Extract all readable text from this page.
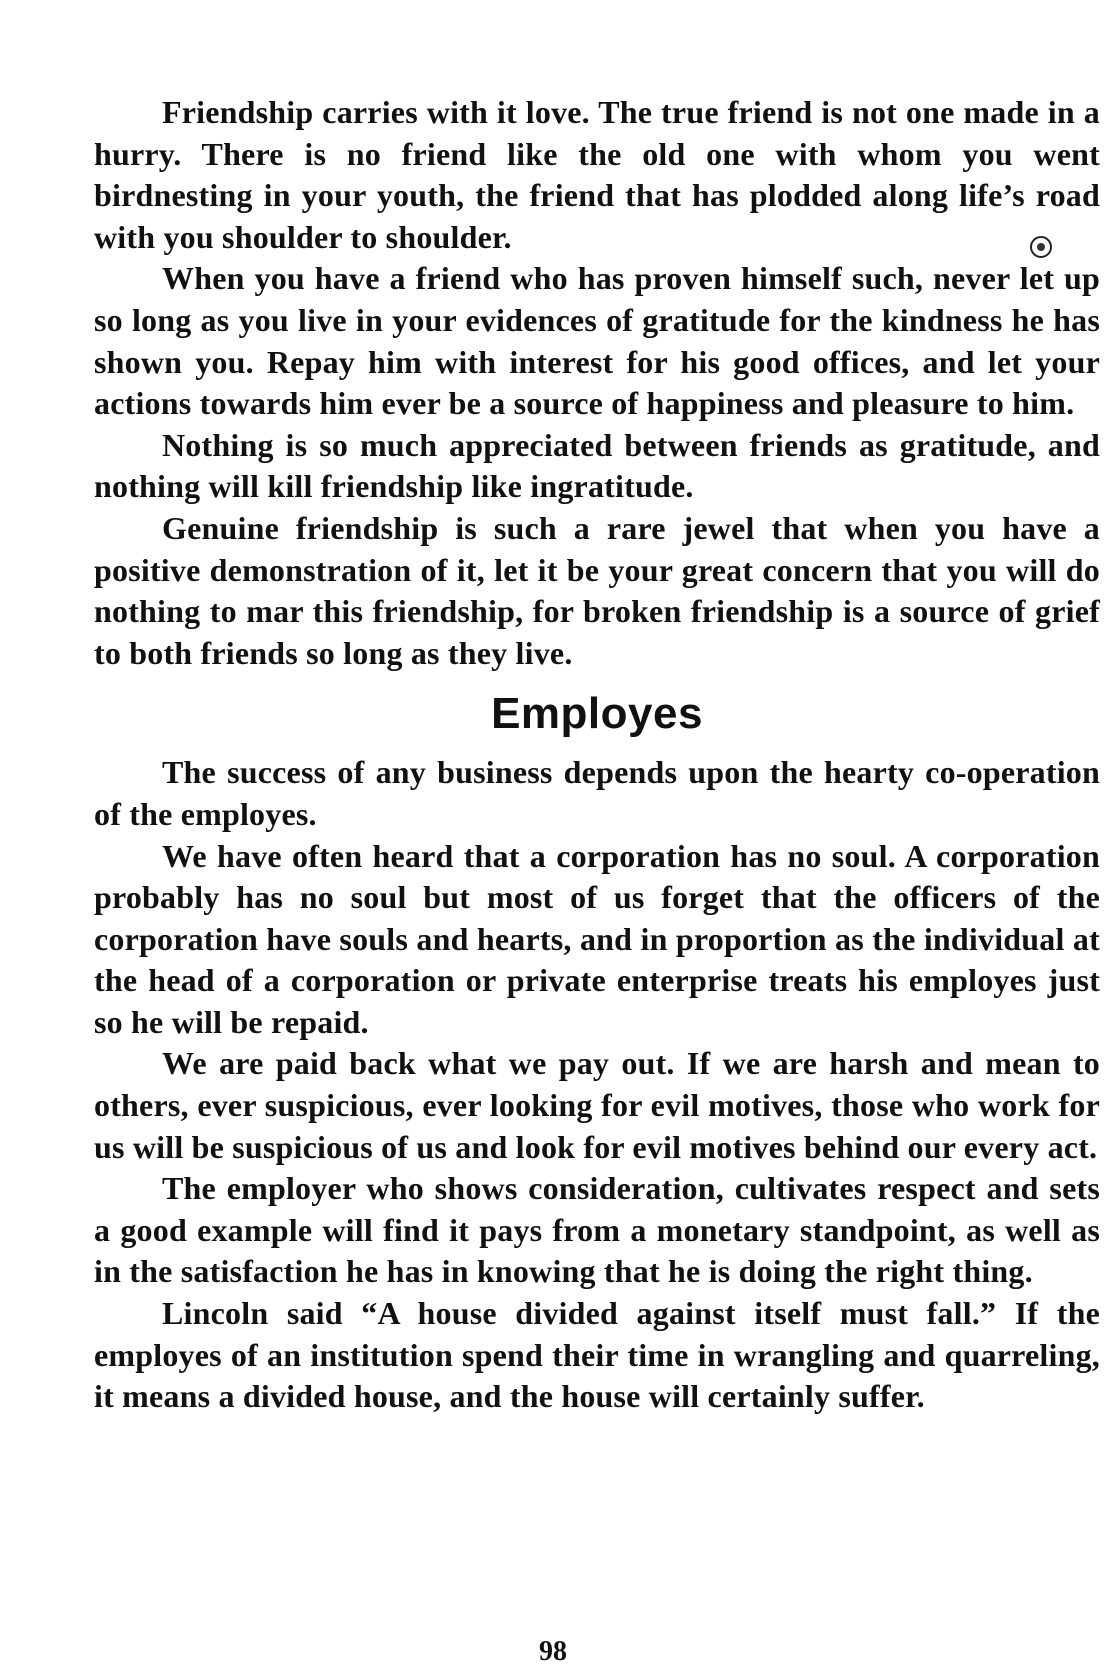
Friendship carries with it love. The true friend is not one made in a hurry. There is no friend like the old one with whom you went birdnesting in your youth, the friend that has plodded along life’s road with you shoulder to shoulder.

When you have a friend who has proven himself such, never let up so long as you live in your evidences of gratitude for the kindness he has shown you. Repay him with interest for his good offices, and let your actions towards him ever be a source of happiness and pleasure to him.

Nothing is so much appreciated between friends as gratitude, and nothing will kill friendship like ingratitude.

Genuine friendship is such a rare jewel that when you have a positive demonstration of it, let it be your great concern that you will do nothing to mar this friendship, for broken friendship is a source of grief to both friends so long as they live.

Employes

The success of any business depends upon the hearty co-operation of the employes.

We have often heard that a corporation has no soul. A corporation probably has no soul but most of us forget that the officers of the corporation have souls and hearts, and in proportion as the individual at the head of a corporation or private enterprise treats his employes just so he will be repaid.

We are paid back what we pay out. If we are harsh and mean to others, ever suspicious, ever looking for evil motives, those who work for us will be suspicious of us and look for evil motives behind our every act.

The employer who shows consideration, cultivates respect and sets a good example will find it pays from a monetary standpoint, as well as in the satisfaction he has in knowing that he is doing the right thing.

Lincoln said “A house divided against itself must fall.” If the employes of an institution spend their time in wrangling and quarreling, it means a divided house, and the house will certainly suffer.

98
